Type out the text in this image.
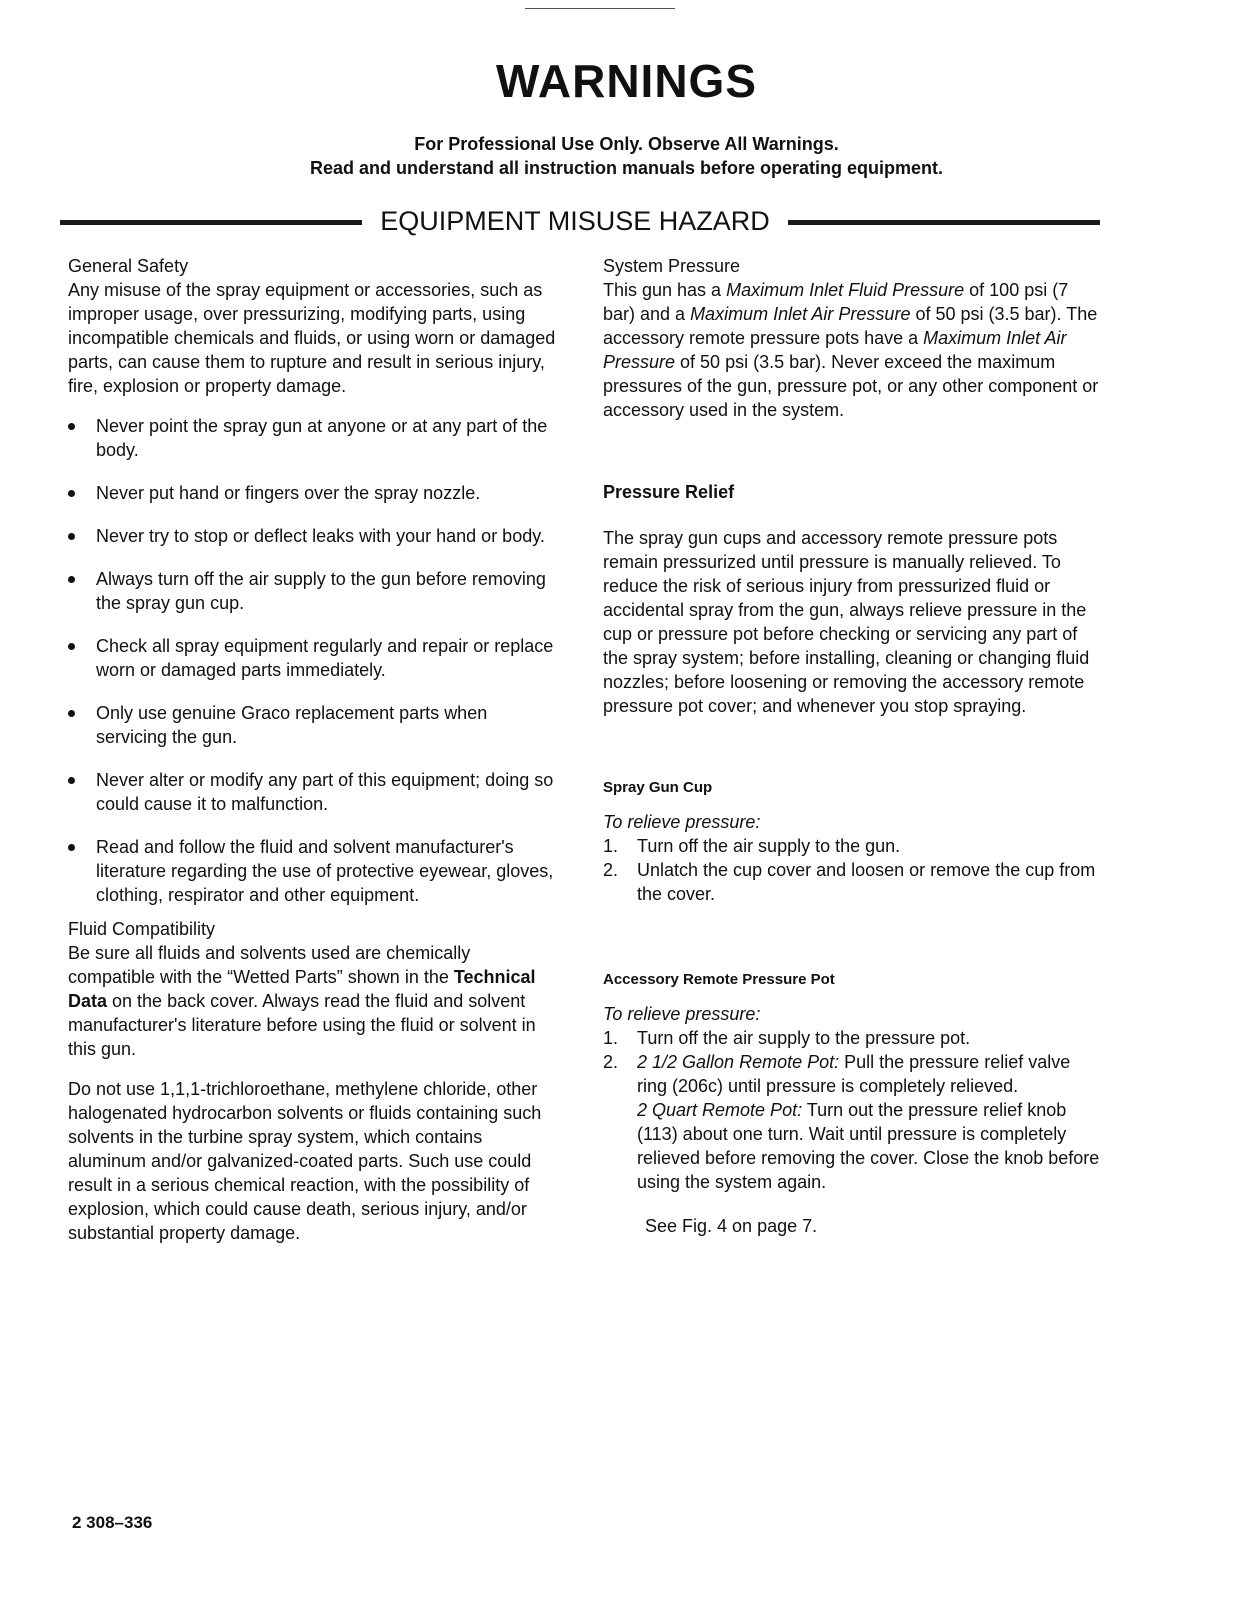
WARNINGS
For Professional Use Only. Observe All Warnings.
Read and understand all instruction manuals before operating equipment.
EQUIPMENT MISUSE HAZARD

General Safety

Any misuse of the spray equipment or accessories, such as improper usage, over pressurizing, modifying parts, using incompatible chemicals and fluids, or using worn or damaged parts, can cause them to rupture and result in serious injury, fire, explosion or property damage.

Never point the spray gun at anyone or at any part of the body.
Never put hand or fingers over the spray nozzle.
Never try to stop or deflect leaks with your hand or body.
Always turn off the air supply to the gun before removing the spray gun cup.
Check all spray equipment regularly and repair or replace worn or damaged parts immediately.
Only use genuine Graco replacement parts when servicing the gun.
Never alter or modify any part of this equipment; doing so could cause it to malfunction.
Read and follow the fluid and solvent manufacturer's literature regarding the use of protective eyewear, gloves, clothing, respirator and other equipment.

Fluid Compatibility

Be sure all fluids and solvents used are chemically compatible with the “Wetted Parts” shown in the Technical Data on the back cover. Always read the fluid and solvent manufacturer's literature before using the fluid or solvent in this gun.

Do not use 1,1,1-trichloroethane, methylene chloride, other halogenated hydrocarbon solvents or fluids containing such solvents in the turbine spray system, which contains aluminum and/or galvanized-coated parts. Such use could result in a serious chemical reaction, with the possibility of explosion, which could cause death, serious injury, and/or substantial property damage.

System Pressure

This gun has a Maximum Inlet Fluid Pressure of 100 psi (7 bar) and a Maximum Inlet Air Pressure of 50 psi (3.5 bar). The accessory remote pressure pots have a Maximum Inlet Air Pressure of 50 psi (3.5 bar). Never exceed the maximum pressures of the gun, pressure pot, or any other component or accessory used in the system.

Pressure Relief

The spray gun cups and accessory remote pressure pots remain pressurized until pressure is manually relieved. To reduce the risk of serious injury from pressurized fluid or accidental spray from the gun, always relieve pressure in the cup or pressure pot before checking or servicing any part of the spray system; before installing, cleaning or changing fluid nozzles; before loosening or removing the accessory remote pressure pot cover; and whenever you stop spraying.

Spray Gun Cup

To relieve pressure:

1. Turn off the air supply to the gun.
2. Unlatch the cup cover and loosen or remove the cup from the cover.

Accessory Remote Pressure Pot

To relieve pressure:

1. Turn off the air supply to the pressure pot.
2. 2 1/2 Gallon Remote Pot: Pull the pressure relief valve ring (206c) until pressure is completely relieved.
2 Quart Remote Pot: Turn out the pressure relief knob (113) about one turn. Wait until pressure is completely relieved before removing the cover. Close the knob before using the system again.

See Fig. 4 on page 7.

2 308–336
